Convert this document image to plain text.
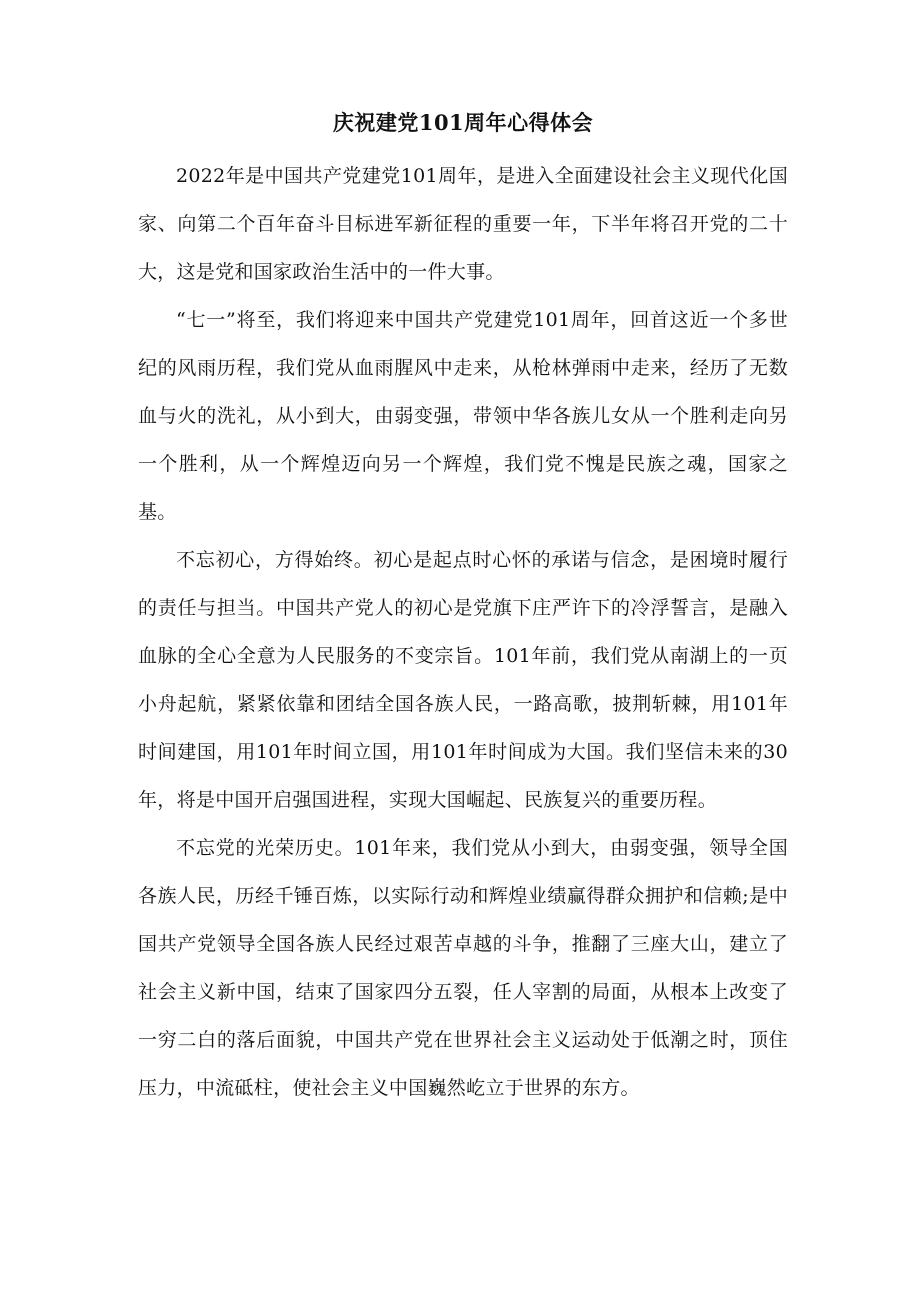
庆祝建党101周年心得体会

2022年是中国共产党建党101周年，是进入全面建设社会主义现代化国家、向第二个百年奋斗目标进军新征程的重要一年，下半年将召开党的二十大，这是党和国家政治生活中的一件大事。

“七一”将至，我们将迎来中国共产党建党101周年，回首这近一个多世纪的风雨历程，我们党从血雨腥风中走来，从枪林弹雨中走来，经历了无数血与火的洗礼，从小到大，由弱变强，带领中华各族儿女从一个胜利走向另一个胜利，从一个辉煌迈向另一个辉煌，我们党不愧是民族之魂，国家之基。

不忘初心，方得始终。初心是起点时心怀的承诺与信念，是困境时履行的责任与担当。中国共产党人的初心是党旗下庄严许下的冷浮誓言，是融入血脉的全心全意为人民服务的不变宗旨。101年前，我们党从南湖上的一页小舟起航，紧紧依靠和团结全国各族人民，一路高歌，披荆斩棘，用101年时间建国，用101年时间立国，用101年时间成为大国。我们坚信未来的30年，将是中国开启强国进程，实现大国崛起、民族复兴的重要历程。

不忘党的光荣历史。101年来，我们党从小到大，由弱变强，领导全国各族人民，历经千锤百炼，以实际行动和辉煌业绩赢得群众拥护和信赖;是中国共产党领导全国各族人民经过艰苦卓越的斗争，推翻了三座大山，建立了社会主义新中国，结束了国家四分五裂，任人宰割的局面，从根本上改变了一穷二白的落后面貌，中国共产党在世界社会主义运动处于低潮之时，顶住压力，中流砥柱，使社会主义中国巍然屹立于世界的东方。
